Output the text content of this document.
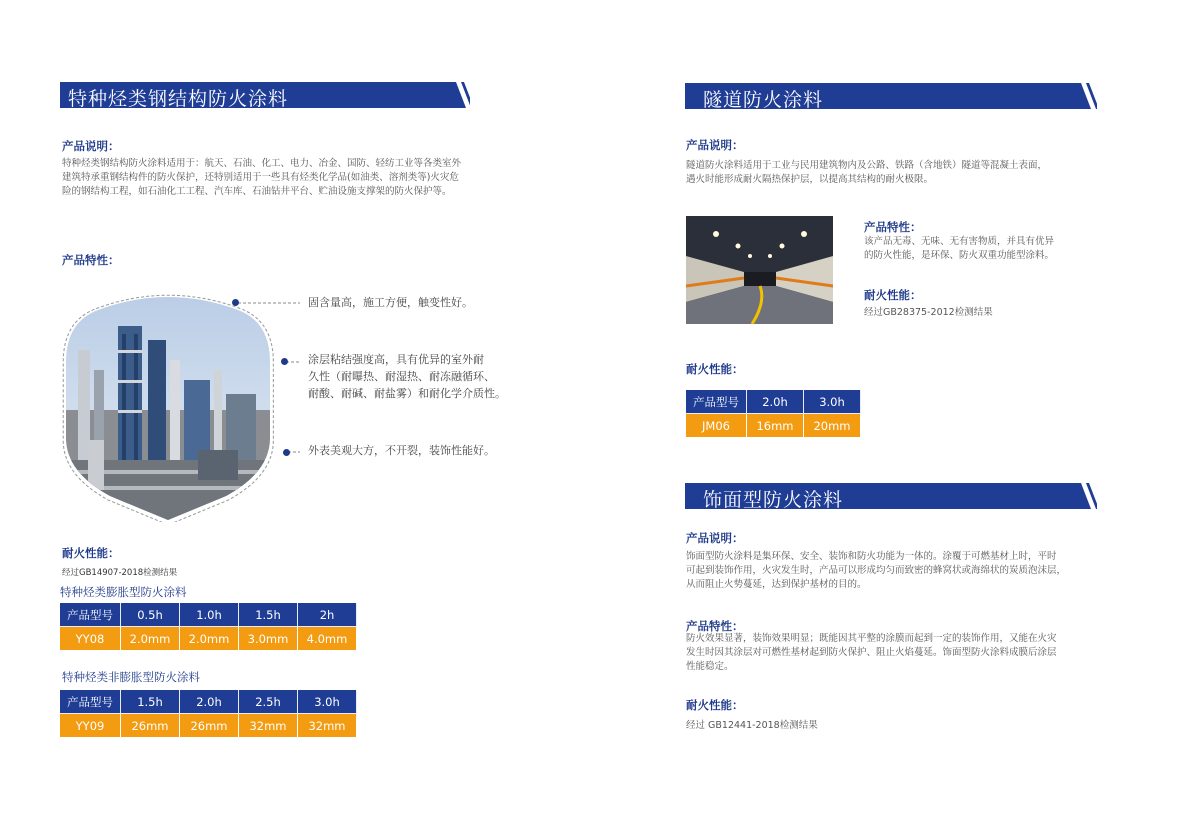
特种烃类钢结构防火涂料
产品说明：
特种烃类钢结构防火涂料适用于：航天、石油、化工、电力、冶金、国防、轻纺工业等各类室外
建筑特承重钢结构件的防火保护，还特别适用于一些具有烃类化学品(如油类、溶剂类等)火灾危
险的钢结构工程，如石油化工工程、汽车库、石油钻井平台、贮油设施支撑架的防火保护等。
产品特性：
固含量高，施工方便，触变性好。
涂层粘结强度高，具有优异的室外耐
久性（耐曝热、耐湿热、耐冻融循环、
耐酸、耐碱、耐盐雾）和耐化学介质性。
外表美观大方，不开裂，装饰性能好。
耐火性能：
经过GB14907-2018检测结果
特种烃类膨胀型防火涂料
产品型号	0.5h	1.0h	1.5h	2h
YY08	2.0mm	2.0mm	3.0mm	4.0mm
特种烃类非膨胀型防火涂料
产品型号	1.5h	2.0h	2.5h	3.0h
YY09	26mm	26mm	32mm	32mm
隧道防火涂料
产品说明：
隧道防火涂料适用于工业与民用建筑物内及公路、铁路（含地铁）隧道等混凝土表面，
遇火时能形成耐火隔热保护层，以提高其结构的耐火极限。
产品特性：
该产品无毒、无味、无有害物质，并具有优异
的防火性能，是环保、防火双重功能型涂料。
耐火性能：
经过GB28375-2012检测结果
耐火性能：
产品型号	2.0h	3.0h
JM06	16mm	20mm
饰面型防火涂料
产品说明：
饰面型防火涂料是集环保、安全、装饰和防火功能为一体的。涂覆于可燃基材上时，平时
可起到装饰作用，火灾发生时，产品可以形成均匀而致密的蜂窝状或海绵状的炭质泡沫层，
从而阻止火势蔓延，达到保护基材的目的。
产品特性：
防火效果显著，装饰效果明显；既能因其平整的涂膜而起到一定的装饰作用，又能在火灾
发生时因其涂层对可燃性基材起到防火保护、阻止火焰蔓延。饰面型防火涂料成膜后涂层
性能稳定。
耐火性能：
经过 GB12441-2018检测结果
